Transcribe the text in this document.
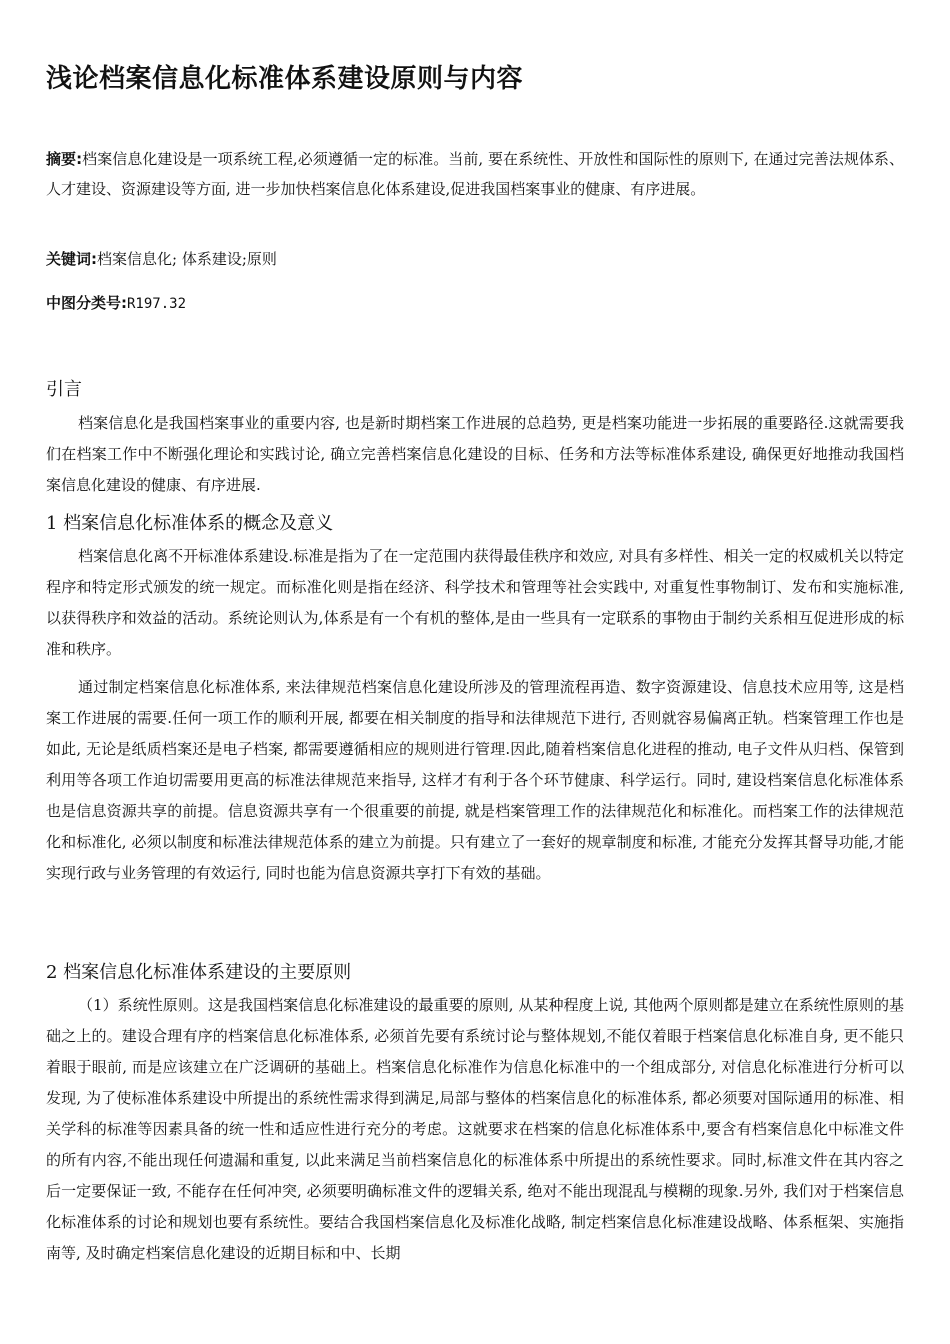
浅论档案信息化标准体系建设原则与内容
摘要:档案信息化建设是一项系统工程,必须遵循一定的标准。当前, 要在系统性、开放性和国际性的原则下, 在通过完善法规体系、人才建设、资源建设等方面, 进一步加快档案信息化体系建设,促进我国档案事业的健康、有序进展。
关键词:档案信息化; 体系建设;原则
中图分类号:R197.32
引言

档案信息化是我国档案事业的重要内容, 也是新时期档案工作进展的总趋势, 更是档案功能进一步拓展的重要路径.这就需要我们在档案工作中不断强化理论和实践讨论, 确立完善档案信息化建设的目标、任务和方法等标准体系建设, 确保更好地推动我国档案信息化建设的健康、有序进展.

1 档案信息化标准体系的概念及意义

档案信息化离不开标准体系建设.标准是指为了在一定范围内获得最佳秩序和效应, 对具有多样性、相关一定的权威机关以特定程序和特定形式颁发的统一规定。而标准化则是指在经济、科学技术和管理等社会实践中, 对重复性事物制订、发布和实施标准, 以获得秩序和效益的活动。系统论则认为,体系是有一个有机的整体,是由一些具有一定联系的事物由于制约关系相互促进形成的标准和秩序。

通过制定档案信息化标准体系, 来法律规范档案信息化建设所涉及的管理流程再造、数字资源建设、信息技术应用等, 这是档案工作进展的需要.任何一项工作的顺利开展, 都要在相关制度的指导和法律规范下进行, 否则就容易偏离正轨。档案管理工作也是如此, 无论是纸质档案还是电子档案, 都需要遵循相应的规则进行管理.因此,随着档案信息化进程的推动, 电子文件从归档、保管到利用等各项工作迫切需要用更高的标准法律规范来指导, 这样才有利于各个环节健康、科学运行。同时, 建设档案信息化标准体系也是信息资源共享的前提。信息资源共享有一个很重要的前提, 就是档案管理工作的法律规范化和标准化。而档案工作的法律规范化和标准化, 必须以制度和标准法律规范体系的建立为前提。只有建立了一套好的规章制度和标准, 才能充分发挥其督导功能,才能实现行政与业务管理的有效运行, 同时也能为信息资源共享打下有效的基础。

2 档案信息化标准体系建设的主要原则

（1）系统性原则。这是我国档案信息化标准建设的最重要的原则, 从某种程度上说, 其他两个原则都是建立在系统性原则的基础之上的。建设合理有序的档案信息化标准体系, 必须首先要有系统讨论与整体规划,不能仅着眼于档案信息化标准自身, 更不能只着眼于眼前, 而是应该建立在广泛调研的基础上。档案信息化标准作为信息化标准中的一个组成部分, 对信息化标准进行分析可以发现, 为了使标准体系建设中所提出的系统性需求得到满足,局部与整体的档案信息化的标准体系, 都必须要对国际通用的标准、相关学科的标准等因素具备的统一性和适应性进行充分的考虑。这就要求在档案的信息化标准体系中,要含有档案信息化中标准文件的所有内容,不能出现任何遗漏和重复, 以此来满足当前档案信息化的标准体系中所提出的系统性要求。同时,标准文件在其内容之后一定要保证一致, 不能存在任何冲突, 必须要明确标准文件的逻辑关系, 绝对不能出现混乱与模糊的现象.另外, 我们对于档案信息化标准体系的讨论和规划也要有系统性。要结合我国档案信息化及标准化战略, 制定档案信息化标准建设战略、体系框架、实施指南等, 及时确定档案信息化建设的近期目标和中、长期
